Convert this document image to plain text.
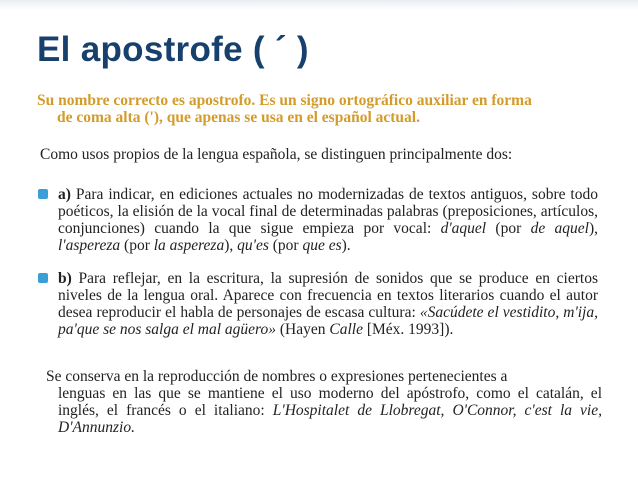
El apostrofe ( ´ )
Su nombre correcto es apostrofo. Es un signo ortográfico auxiliar en forma
de coma alta ('), que apenas se usa en el español actual.
Como usos propios de la lengua española, se distinguen principalmente dos:
a) Para indicar, en ediciones actuales no modernizadas de textos antiguos, sobre todo poéticos, la elisión de la vocal final de determinadas palabras (preposiciones, artículos, conjunciones) cuando la que sigue empieza por vocal: d'aquel (por de aquel), l'aspereza (por la aspereza), qu'es (por que es).
b) Para reflejar, en la escritura, la supresión de sonidos que se produce en ciertos niveles de la lengua oral. Aparece con frecuencia en textos literarios cuando el autor desea reproducir el habla de personajes de escasa cultura: «Sacúdete el vestidito, m'ija, pa'que se nos salga el mal agüero» (Hayen Calle [Méx. 1993]).
Se conserva en la reproducción de nombres o expresiones pertenecientes a
lenguas en las que se mantiene el uso moderno del apóstrofo, como el catalán, el inglés, el francés o el italiano: L'Hospitalet de Llobregat, O'Connor, c'est la vie, D'Annunzio.
